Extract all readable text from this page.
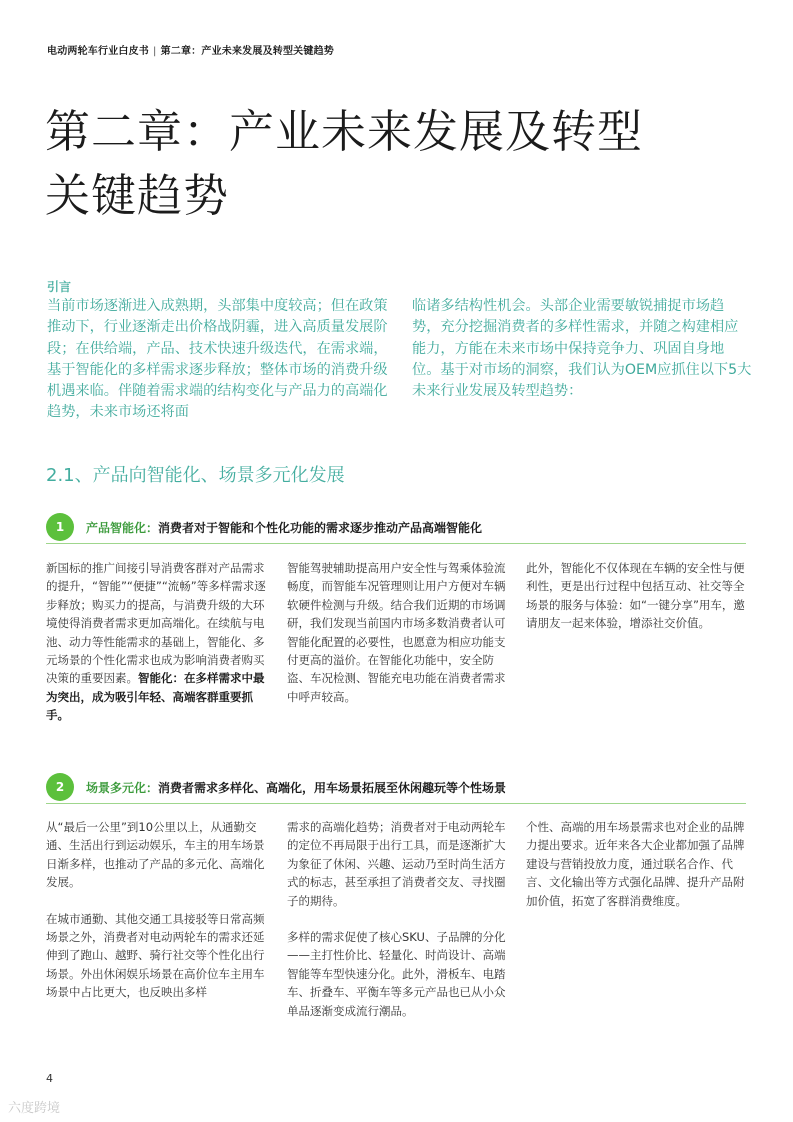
电动两轮车行业白皮书 | 第二章：产业未来发展及转型关键趋势
第二章：产业未来发展及转型
关键趋势
引言
当前市场逐渐进入成熟期，头部集中度较高；但在政策推动下，行业逐渐走出价格战阴霾，进入高质量发展阶段；在供给端，产品、技术快速升级迭代，在需求端，基于智能化的多样需求逐步释放；整体市场的消费升级机遇来临。伴随着需求端的结构变化与产品力的高端化趋势，未来市场还将面
临诸多结构性机会。头部企业需要敏锐捕捉市场趋势，充分挖掘消费者的多样性需求，并随之构建相应能力，方能在未来市场中保持竞争力、巩固自身地位。基于对市场的洞察，我们认为OEM应抓住以下5大未来行业发展及转型趋势：
2.1、产品向智能化、场景多元化发展
1	产品智能化：消费者对于智能和个性化功能的需求逐步推动产品高端智能化

新国标的推广间接引导消费客群对产品需求的提升，“智能”“便捷”“流畅”等多样需求逐步释放；购买力的提高，与消费升级的大环境使得消费者需求更加高端化。在续航与电池、动力等性能需求的基础上，智能化、多元场景的个性化需求也成为影响消费者购买决策的重要因素。智能化：在多样需求中最为突出，成为吸引年轻、高端客群重要抓手。

智能驾驶辅助提高用户安全性与驾乘体验流畅度，而智能车况管理则让用户方便对车辆软硬件检测与升级。结合我们近期的市场调研，我们发现当前国内市场多数消费者认可智能化配置的必要性，也愿意为相应功能支付更高的溢价。在智能化功能中，安全防盗、车况检测、智能充电功能在消费者需求中呼声较高。

此外，智能化不仅体现在车辆的安全性与便利性，更是出行过程中包括互动、社交等全场景的服务与体验：如“一键分享”用车，邀请朋友一起来体验，增添社交价值。

2	场景多元化：消费者需求多样化、高端化，用车场景拓展至休闲趣玩等个性场景

从“最后一公里”到10公里以上，从通勤交通、生活出行到运动娱乐，车主的用车场景日渐多样，也推动了产品的多元化、高端化发展。

在城市通勤、其他交通工具接驳等日常高频场景之外，消费者对电动两轮车的需求还延伸到了跑山、越野、骑行社交等个性化出行场景。外出休闲娱乐场景在高价位车主用车场景中占比更大，也反映出多样

需求的高端化趋势；消费者对于电动两轮车的定位不再局限于出行工具，而是逐渐扩大为象征了休闲、兴趣、运动乃至时尚生活方式的标志，甚至承担了消费者交友、寻找圈子的期待。

多样的需求促使了核心SKU、子品牌的分化——主打性价比、轻量化、时尚设计、高端智能等车型快速分化。此外，滑板车、电踏车、折叠车、平衡车等多元产品也已从小众单品逐渐变成流行潮品。

个性、高端的用车场景需求也对企业的品牌力提出要求。近年来各大企业都加强了品牌建设与营销投放力度，通过联名合作、代言、文化输出等方式强化品牌、提升产品附加价值，拓宽了客群消费维度。

4
六度跨境
